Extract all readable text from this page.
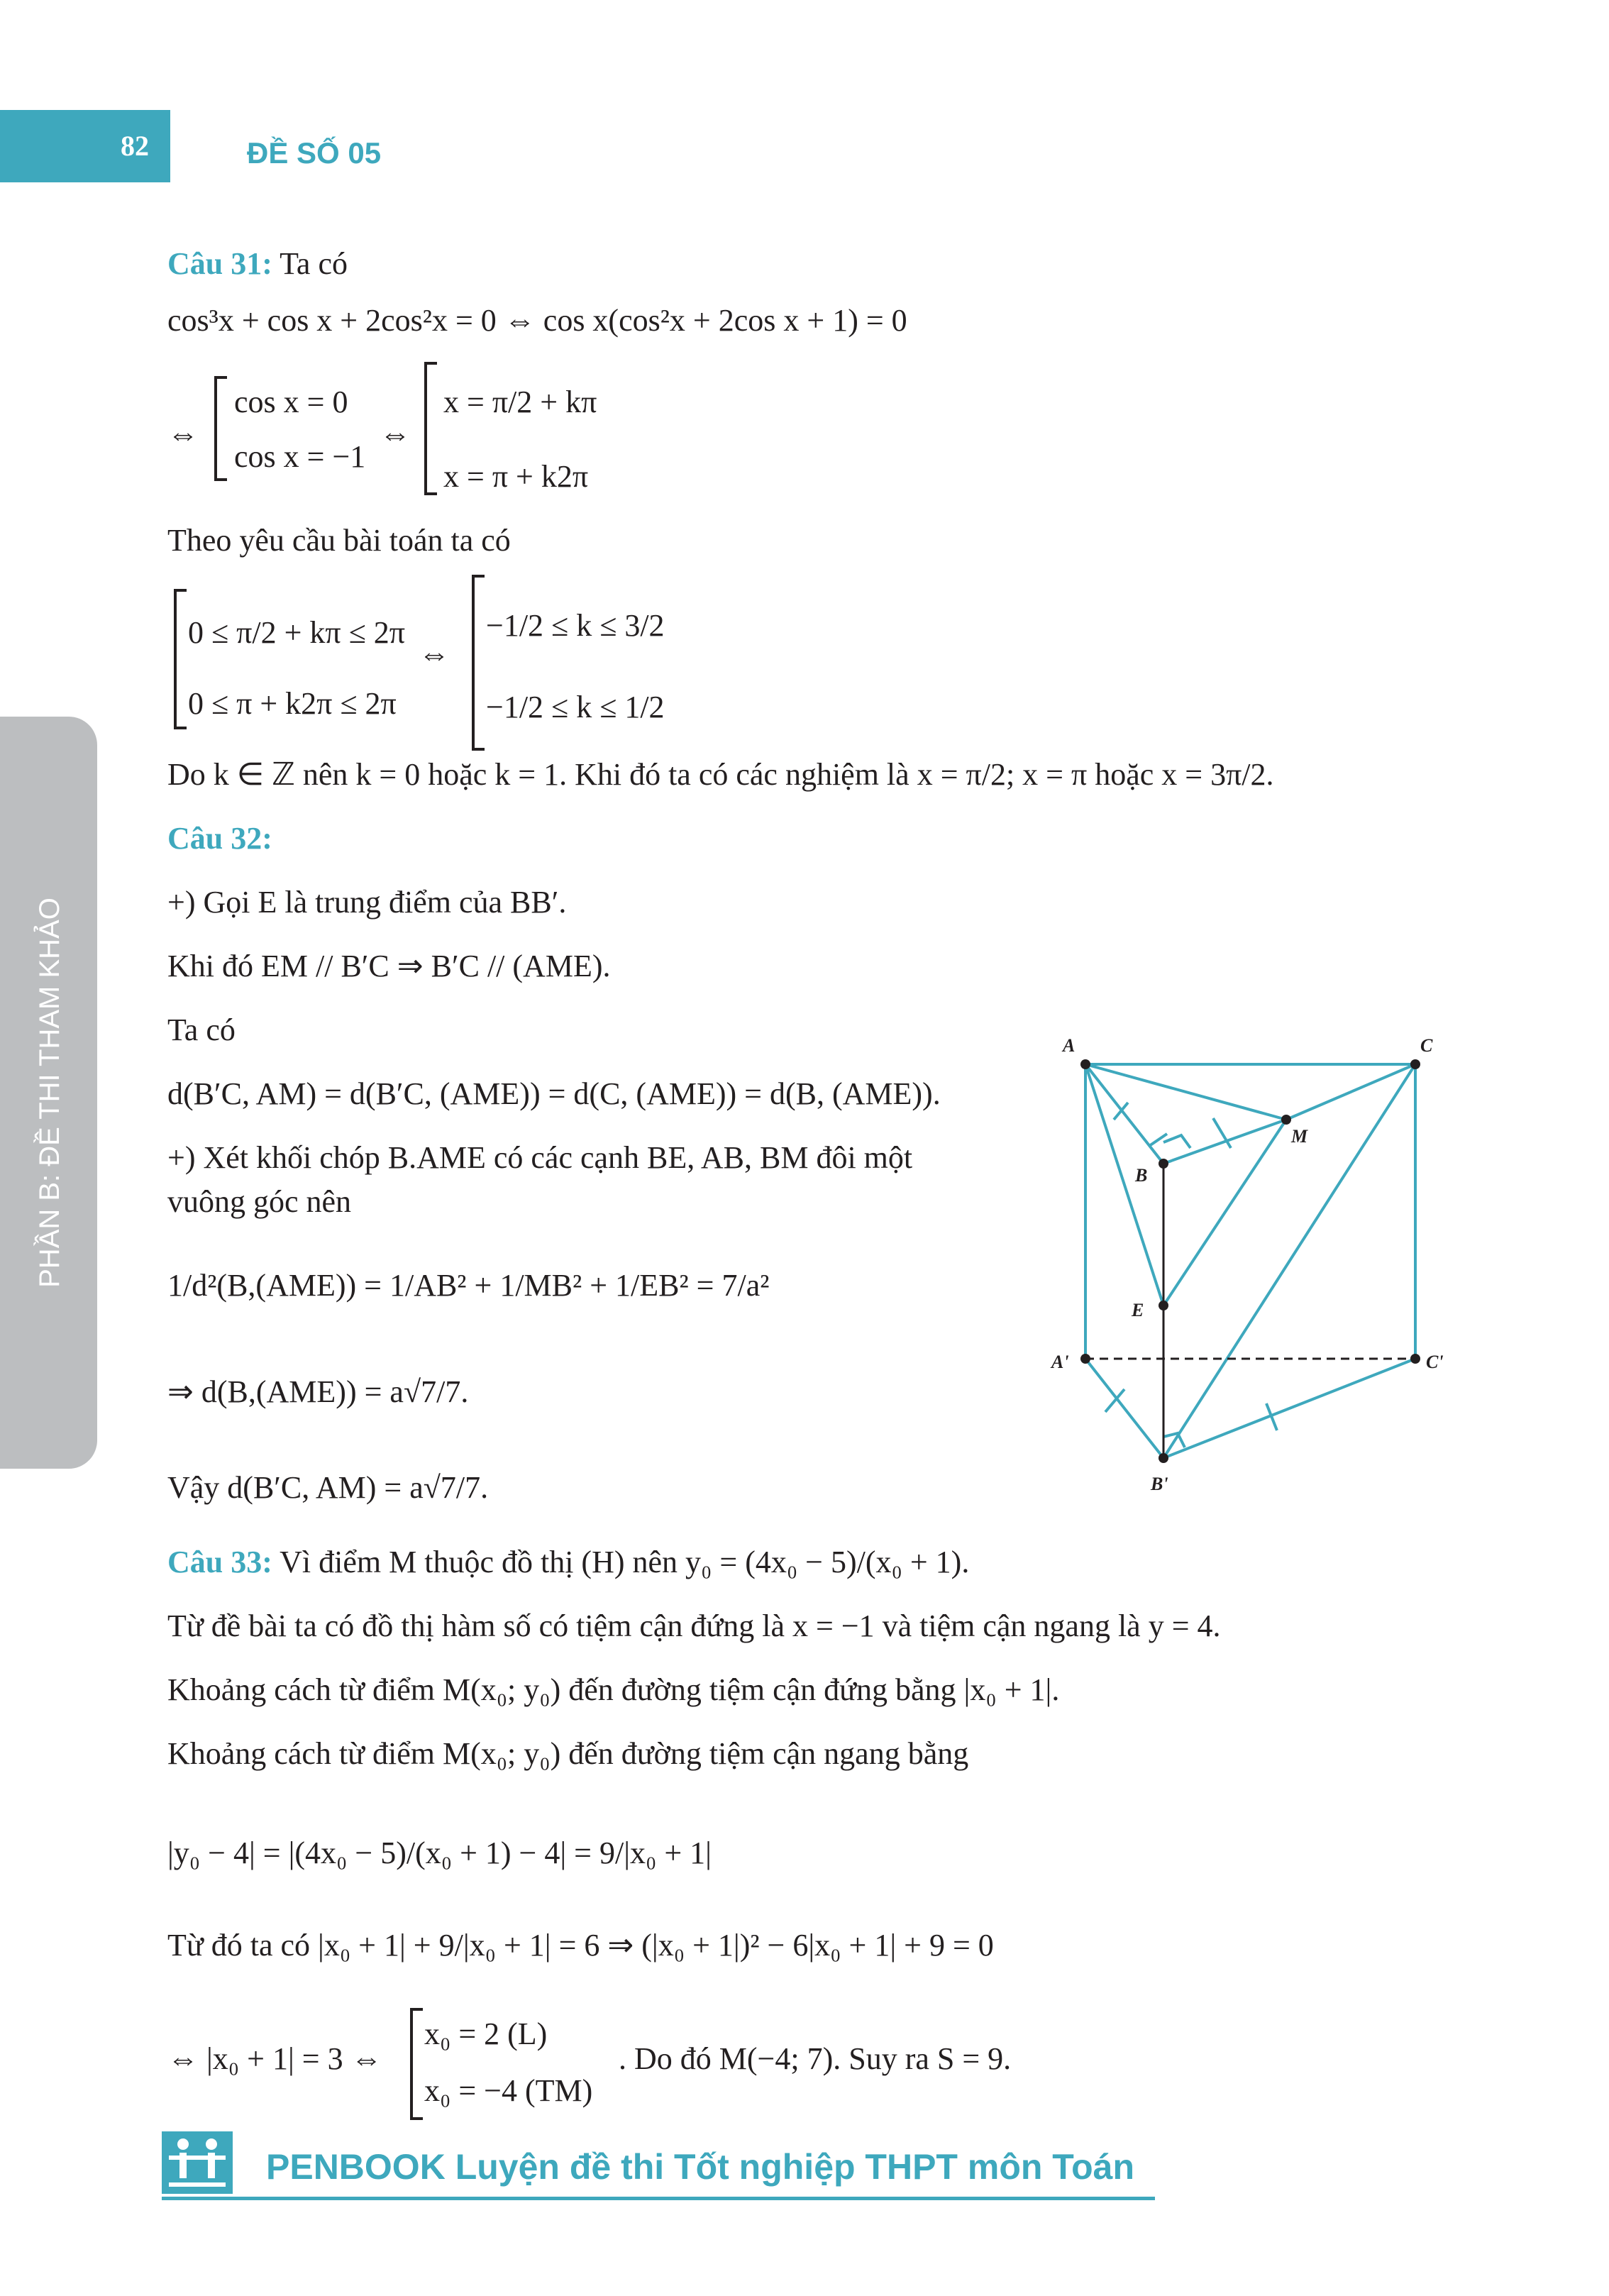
82	ĐỀ SỐ 05
PHẦN B: ĐỀ THI THAM KHẢO
Câu 31: Ta có
cos³x + cos x + 2cos²x = 0 ⇔ cos x(cos²x + 2cos x + 1) = 0
⇔
cos x = 0
cos x = −1
⇔
x = π/2 + kπ
x = π + k2π
Theo yêu cầu bài toán ta có
0 ≤ π/2 + kπ ≤ 2π
0 ≤ π + k2π ≤ 2π
⇔
−1/2 ≤ k ≤ 3/2
−1/2 ≤ k ≤ 1/2
Do k ∈ ℤ nên k = 0 hoặc k = 1. Khi đó ta có các nghiệm là x = π/2; x = π hoặc x = 3π/2.
Câu 32:
+) Gọi E là trung điểm của BB′.
Khi đó EM // B′C ⇒ B′C // (AME).
Ta có
d(B′C, AM) = d(B′C, (AME)) = d(C, (AME)) = d(B, (AME)).
+) Xét khối chóp B.AME có các cạnh BE, AB, BM đôi một
vuông góc nên
1/d²(B,(AME)) = 1/AB² + 1/MB² + 1/EB² = 7/a²
⇒ d(B,(AME)) = a√7/7.
Vậy d(B′C, AM) = a√7/7.
A	C
M
B
E
A'	C'
B'
Câu 33: Vì điểm M thuộc đồ thị (H) nên y₀ = (4x₀ − 5)/(x₀ + 1).
Từ đề bài ta có đồ thị hàm số có tiệm cận đứng là x = −1 và tiệm cận ngang là y = 4.
Khoảng cách từ điểm M(x₀; y₀) đến đường tiệm cận đứng bằng |x₀ + 1|.
Khoảng cách từ điểm M(x₀; y₀) đến đường tiệm cận ngang bằng
|y₀ − 4| = |(4x₀ − 5)/(x₀ + 1) − 4| = 9/|x₀ + 1|
Từ đó ta có |x₀ + 1| + 9/|x₀ + 1| = 6 ⇒ (|x₀ + 1|)² − 6|x₀ + 1| + 9 = 0
⇔ |x₀ + 1| = 3 ⇔
x₀ = 2 (L)
x₀ = −4 (TM)
. Do đó M(−4; 7). Suy ra S = 9.
PENBOOK Luyện đề thi Tốt nghiệp THPT môn Toán
